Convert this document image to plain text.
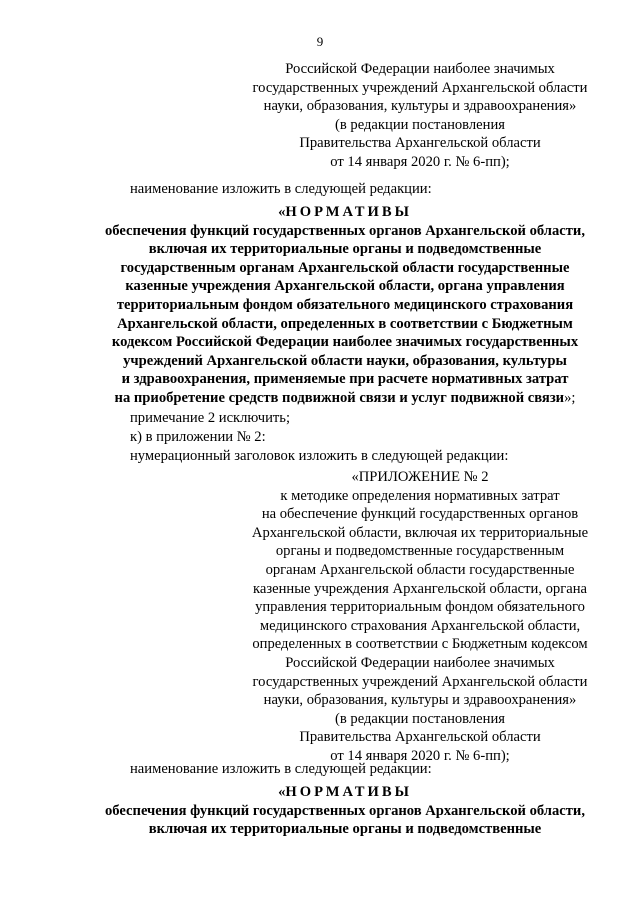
9
Российской Федерации наиболее значимых
государственных учреждений Архангельской области
науки, образования, культуры и здравоохранения»
(в редакции постановления
Правительства Архангельской области
от 14 января 2020 г. № 6-пп);
наименование изложить в следующей редакции:
«НОРМАТИВЫ
обеспечения функций государственных органов Архангельской области,
включая их территориальные органы и подведомственные
государственным органам Архангельской области государственные
казенные учреждения Архангельской области, органа управления
территориальным фондом обязательного медицинского страхования
Архангельской области, определенных в соответствии с Бюджетным
кодексом Российской Федерации наиболее значимых государственных
учреждений Архангельской области науки, образования, культуры
и здравоохранения, применяемые при расчете нормативных затрат
на приобретение средств подвижной связи и услуг подвижной связи»;
примечание 2 исключить;
к) в приложении № 2:
нумерационный заголовок изложить в следующей редакции:
«ПРИЛОЖЕНИЕ № 2
к методике определения нормативных затрат
на обеспечение функций государственных органов
Архангельской области, включая их территориальные
органы и подведомственные государственным
органам Архангельской области государственные
казенные учреждения Архангельской области, органа
управления территориальным фондом обязательного
медицинского страхования Архангельской области,
определенных в соответствии с Бюджетным кодексом
Российской Федерации наиболее значимых
государственных учреждений Архангельской области
науки, образования, культуры и здравоохранения»
(в редакции постановления
Правительства Архангельской области
от 14 января 2020 г. № 6-пп);
наименование изложить в следующей редакции:
«НОРМАТИВЫ
обеспечения функций государственных органов Архангельской области,
включая их территориальные органы и подведомственные
